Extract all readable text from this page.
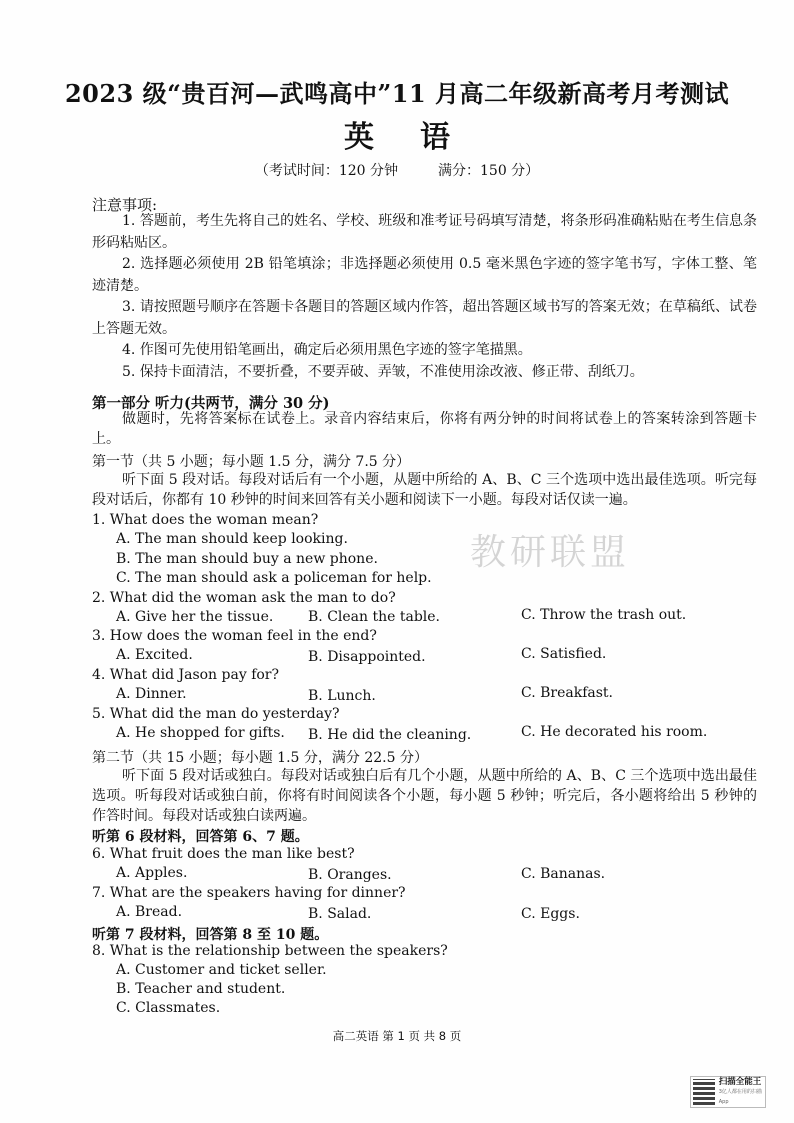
教研联盟
2023 级“贵百河—武鸣高中”11 月高二年级新高考月考测试
英语
（考试时间：120 分钟	满分：150 分）
注意事项:

1. 答题前，考生先将自己的姓名、学校、班级和准考证号码填写清楚，将条形码准确粘贴在考生信息条形码粘贴区。

2. 选择题必须使用 2B 铅笔填涂；非选择题必须使用 0.5 毫米黑色字迹的签字笔书写，字体工整、笔迹清楚。

3. 请按照题号顺序在答题卡各题目的答题区域内作答，超出答题区域书写的答案无效；在草稿纸、试卷上答题无效。

4. 作图可先使用铅笔画出，确定后必须用黑色字迹的签字笔描黑。

5. 保持卡面清洁，不要折叠，不要弄破、弄皱，不准使用涂改液、修正带、刮纸刀。

第一部分 听力(共两节，满分 30 分)
做题时，先将答案标在试卷上。录音内容结束后，你将有两分钟的时间将试卷上的答案转涂到答题卡上。
第一节（共 5 小题；每小题 1.5 分，满分 7.5 分）
听下面 5 段对话。每段对话后有一个小题，从题中所给的 A、B、C 三个选项中选出最佳选项。听完每段对话后，你都有 10 秒钟的时间来回答有关小题和阅读下一小题。每段对话仅读一遍。
1. What does the woman mean?
A. The man should keep looking.
B. The man should buy a new phone.
C. The man should ask a policeman for help.
2. What did the woman ask the man to do?
A. Give her the tissue. B. Clean the table.	C. Throw the trash out.
3. How does the woman feel in the end?
A. Excited.	B. Disappointed.	C. Satisfied.
4. What did Jason pay for?
A. Dinner.	B. Lunch.	C. Breakfast.
5. What did the man do yesterday?
A. He shopped for gifts. B. He did the cleaning.	C. He decorated his room.
第二节（共 15 小题；每小题 1.5 分，满分 22.5 分）
听下面 5 段对话或独白。每段对话或独白后有几个小题，从题中所给的 A、B、C 三个选项中选出最佳选项。听每段对话或独白前，你将有时间阅读各个小题，每小题 5 秒钟；听完后，各小题将给出 5 秒钟的作答时间。每段对话或独白读两遍。
听第 6 段材料，回答第 6、7 题。
6. What fruit does the man like best?
A. Apples.	B. Oranges.	C. Bananas.
7. What are the speakers having for dinner?
A. Bread.	B. Salad.	C. Eggs.
听第 7 段材料，回答第 8 至 10 题。
8. What is the relationship between the speakers?
A. Customer and ticket seller.
B. Teacher and student.
C. Classmates.
高二英语 第 1 页 共 8 页
扫描全能王
3亿人都在用的扫描App
